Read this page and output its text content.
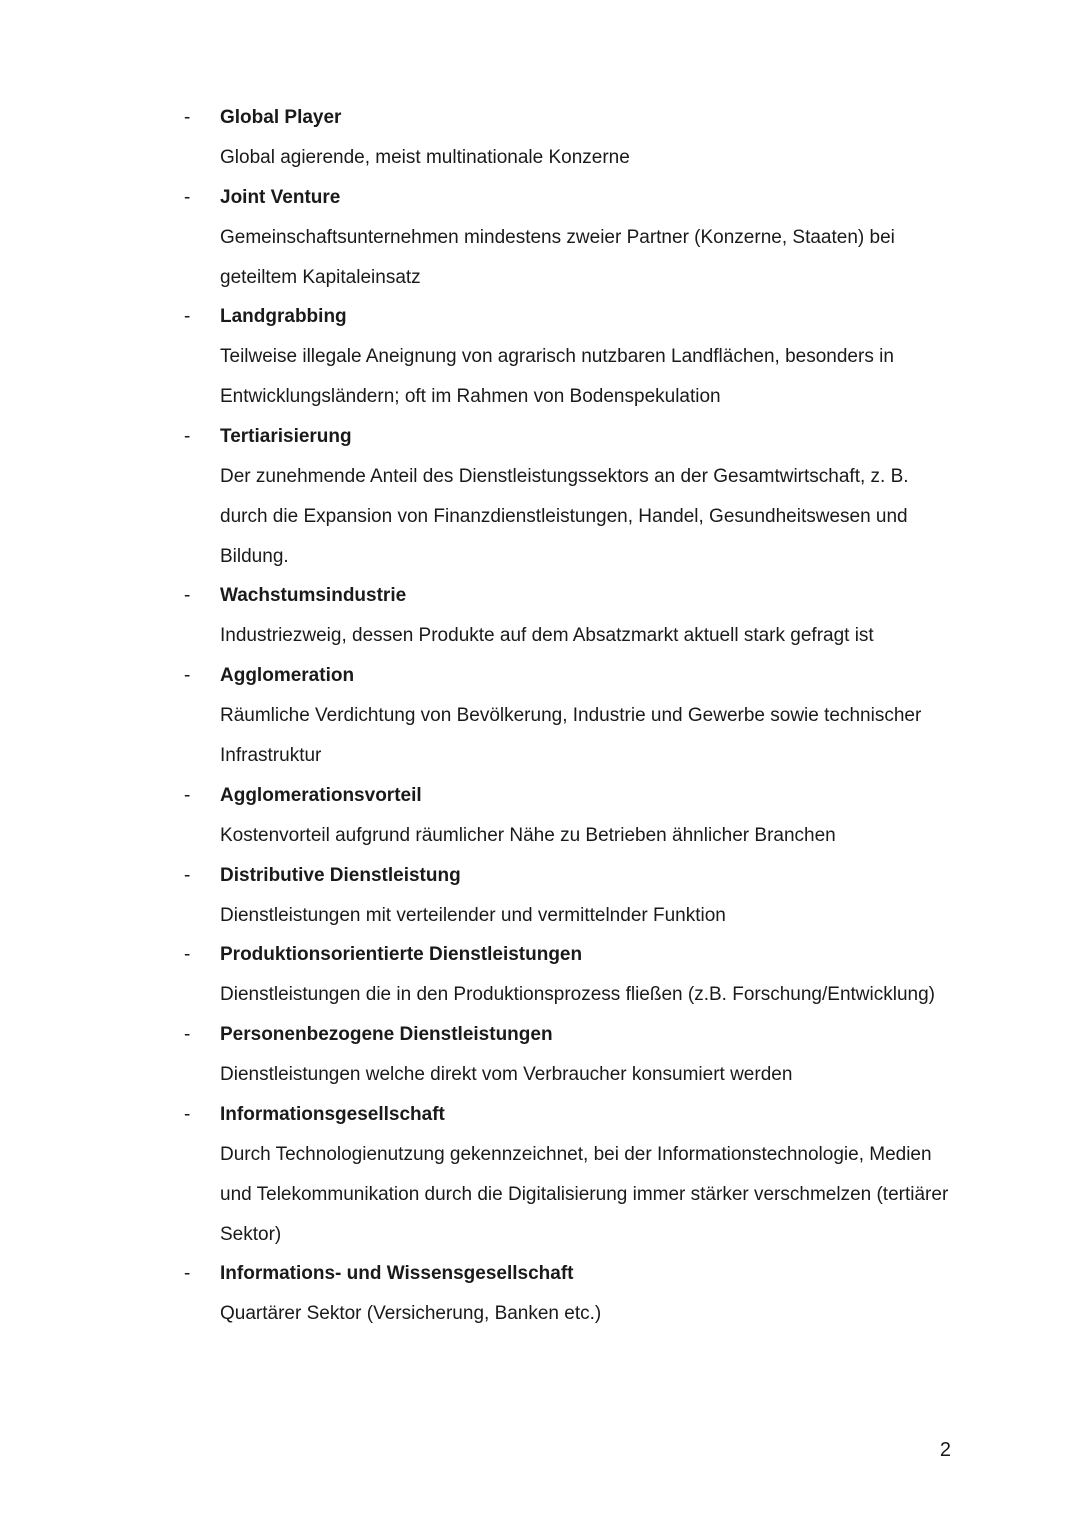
-	Global Player
Global agierende, meist multinationale Konzerne
-	Joint Venture
Gemeinschaftsunternehmen mindestens zweier Partner (Konzerne, Staaten) bei geteiltem Kapitaleinsatz
-	Landgrabbing
Teilweise illegale Aneignung von agrarisch nutzbaren Landflächen, besonders in Entwicklungsländern; oft im Rahmen von Bodenspekulation
-	Tertiarisierung
Der zunehmende Anteil des Dienstleistungssektors an der Gesamtwirtschaft, z. B. durch die Expansion von Finanzdienstleistungen, Handel, Gesundheitswesen und Bildung.
-	Wachstumsindustrie
Industriezweig, dessen Produkte auf dem Absatzmarkt aktuell stark gefragt ist
-	Agglomeration
Räumliche Verdichtung von Bevölkerung, Industrie und Gewerbe sowie technischer Infrastruktur
-	Agglomerationsvorteil
Kostenvorteil aufgrund räumlicher Nähe zu Betrieben ähnlicher Branchen
-	Distributive Dienstleistung
Dienstleistungen mit verteilender und vermittelnder Funktion
-	Produktionsorientierte Dienstleistungen
Dienstleistungen die in den Produktionsprozess fließen (z.B. Forschung/Entwicklung)
-	Personenbezogene Dienstleistungen
Dienstleistungen welche direkt vom Verbraucher konsumiert werden
-	Informationsgesellschaft
Durch Technologienutzung gekennzeichnet, bei der Informationstechnologie, Medien und Telekommunikation durch die Digitalisierung immer stärker verschmelzen (tertiärer Sektor)
-	Informations- und Wissensgesellschaft
Quartärer Sektor (Versicherung, Banken etc.)
2
